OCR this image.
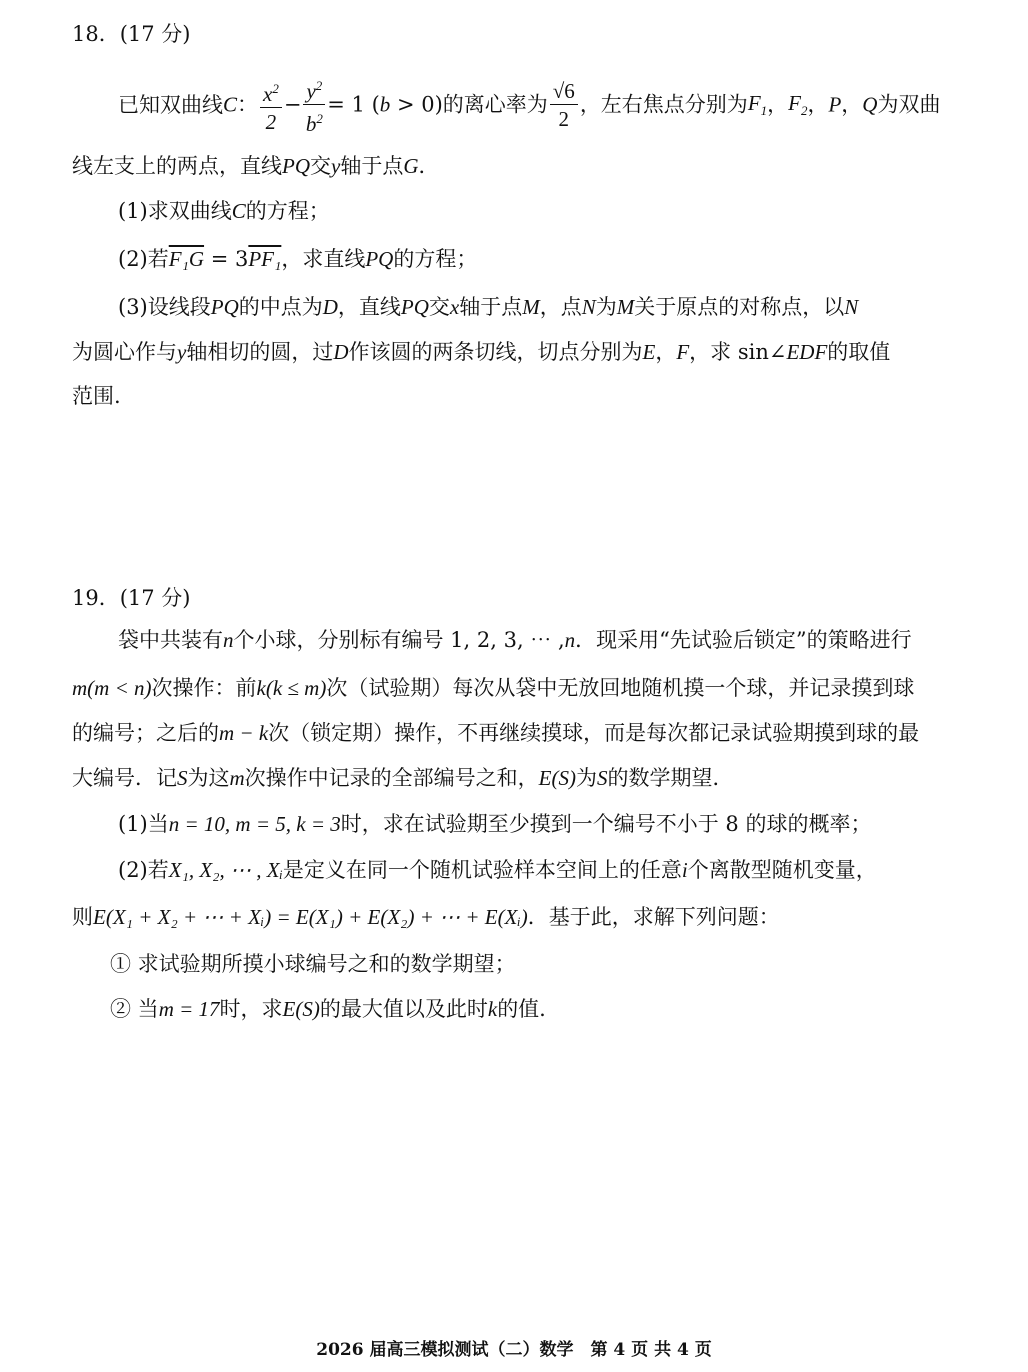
18．(17 分)
已知双曲线C： $\frac{x^2}{2} - \frac{y^2}{b^2} = 1$ (b > 0)的离心率为 $\frac{√6}{2}$ ，左右焦点分别为$F_1$，$F_2$，P，Q为双曲
线左支上的两点，直线PQ交y轴于点G．
(1)求双曲线C的方程；
(2)若F₁G = 3PF₁，求直线PQ的方程；
(3)设线段PQ的中点为D，直线PQ交x轴于点M，点N为M关于原点的对称点，以N
为圆心作与y轴相切的圆，过D作该圆的两条切线，切点分别为E，F，求 sin∠EDF的取值
范围.
19．(17 分)
袋中共装有n个小球，分别标有编号 1, 2, 3, ⋯ ,n．现采用“先试验后锁定”的策略进行
m(m < n)次操作：前k(k ≤ m)次（试验期）每次从袋中无放回地随机摸一个球，并记录摸到球
的编号；之后的m − k次（锁定期）操作，不再继续摸球，而是每次都记录试验期摸到球的最
大编号．记S为这m次操作中记录的全部编号之和，E(S)为S的数学期望．
(1)当n = 10, m = 5, k = 3时，求在试验期至少摸到一个编号不小于 8 的球的概率；
(2)若X₁, X₂, ⋯ , Xᵢ是定义在同一个随机试验样本空间上的任意i个离散型随机变量，
则E(X₁ + X₂ + ⋯ + Xᵢ) = E(X₁) + E(X₂) + ⋯ + E(Xᵢ)．基于此，求解下列问题：
① 求试验期所摸小球编号之和的数学期望；
② 当m = 17时，求E(S)的最大值以及此时k的值.
2026 届高三模拟测试（二）数学　第 4 页 共 4 页
